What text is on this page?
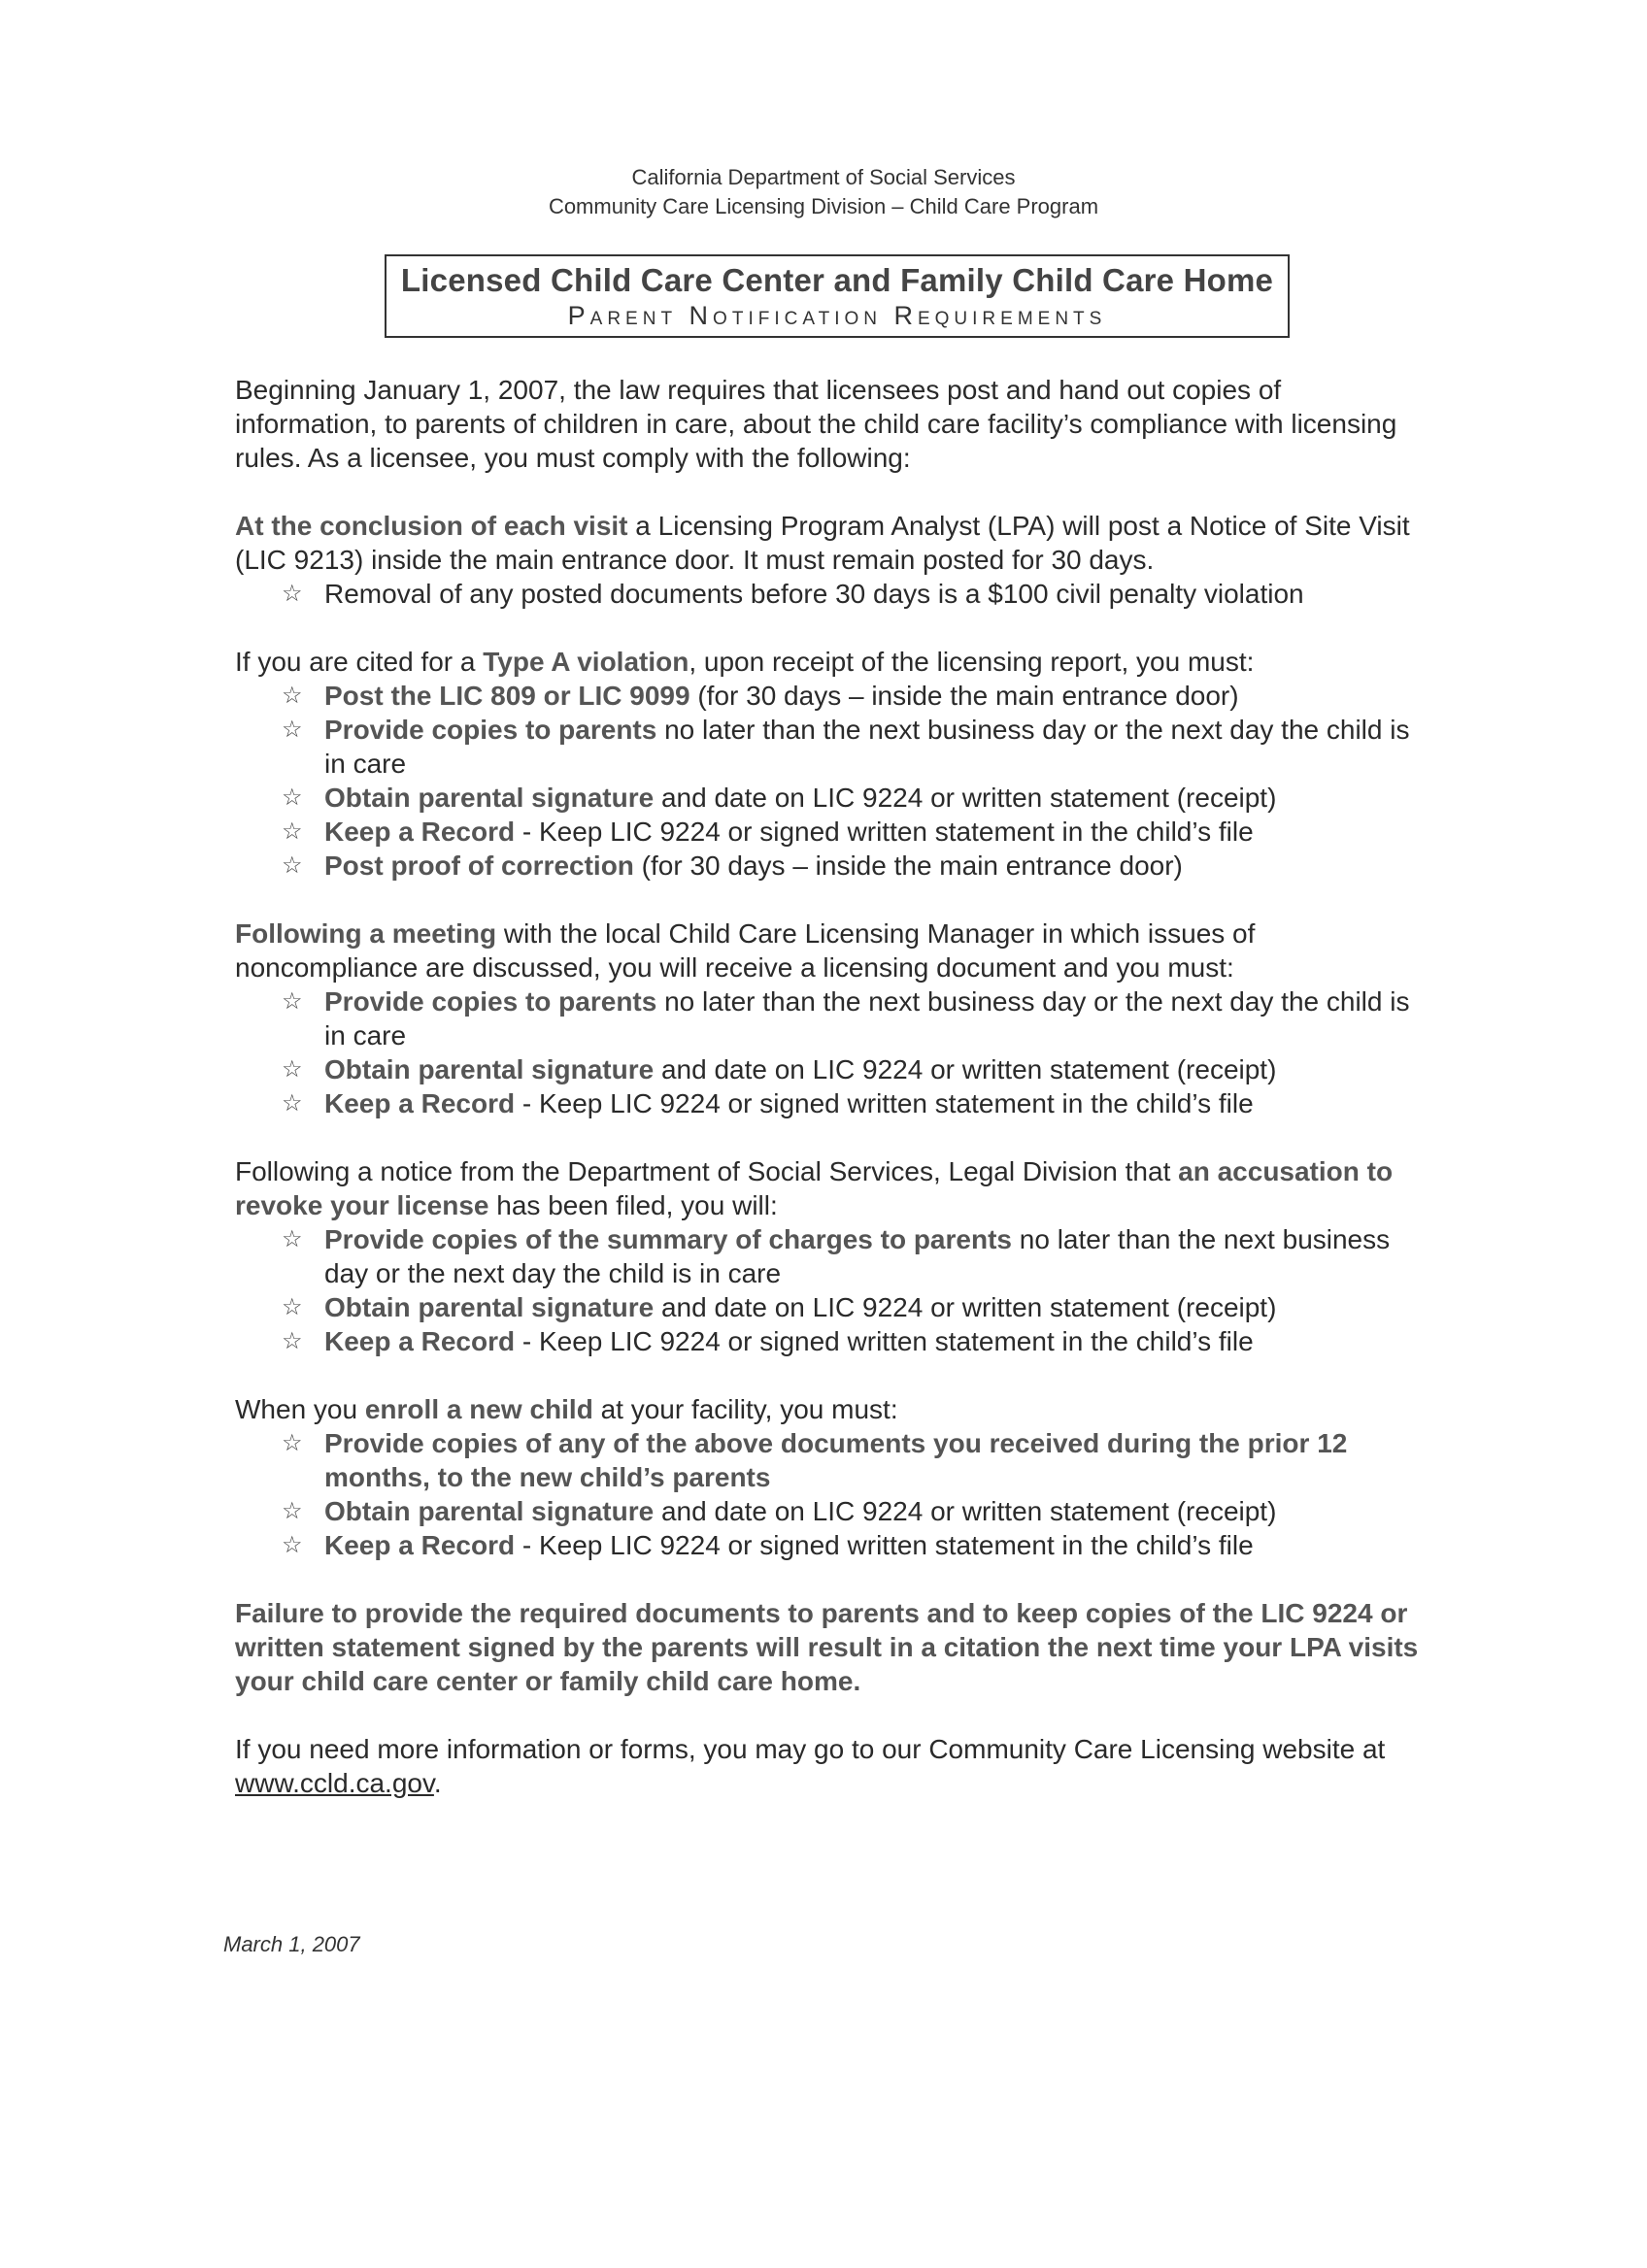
California Department of Social Services
Community Care Licensing Division – Child Care Program
Licensed Child Care Center and Family Child Care Home
Parent Notification Requirements

Beginning January 1, 2007, the law requires that licensees post and hand out copies of information, to parents of children in care, about the child care facility’s compliance with licensing rules. As a licensee, you must comply with the following:

At the conclusion of each visit a Licensing Program Analyst (LPA) will post a Notice of Site Visit (LIC 9213) inside the main entrance door. It must remain posted for 30 days.
☆ Removal of any posted documents before 30 days is a $100 civil penalty violation
If you are cited for a Type A violation, upon receipt of the licensing report, you must:
☆ Post the LIC 809 or LIC 9099 (for 30 days – inside the main entrance door)
☆ Provide copies to parents no later than the next business day or the next day the child is in care
☆ Obtain parental signature and date on LIC 9224 or written statement (receipt)
☆ Keep a Record - Keep LIC 9224 or signed written statement in the child’s file
☆ Post proof of correction (for 30 days – inside the main entrance door)
Following a meeting with the local Child Care Licensing Manager in which issues of noncompliance are discussed, you will receive a licensing document and you must:
☆ Provide copies to parents no later than the next business day or the next day the child is in care
☆ Obtain parental signature and date on LIC 9224 or written statement (receipt)
☆ Keep a Record - Keep LIC 9224 or signed written statement in the child’s file
Following a notice from the Department of Social Services, Legal Division that an accusation to revoke your license has been filed, you will:
☆ Provide copies of the summary of charges to parents no later than the next business day or the next day the child is in care
☆ Obtain parental signature and date on LIC 9224 or written statement (receipt)
☆ Keep a Record - Keep LIC 9224 or signed written statement in the child’s file
When you enroll a new child at your facility, you must:
☆ Provide copies of any of the above documents you received during the prior 12 months, to the new child’s parents
☆ Obtain parental signature and date on LIC 9224 or written statement (receipt)
☆ Keep a Record - Keep LIC 9224 or signed written statement in the child’s file

Failure to provide the required documents to parents and to keep copies of the LIC 9224 or written statement signed by the parents will result in a citation the next time your LPA visits your child care center or family child care home.

If you need more information or forms, you may go to our Community Care Licensing website at www.ccld.ca.gov.

March 1, 2007
